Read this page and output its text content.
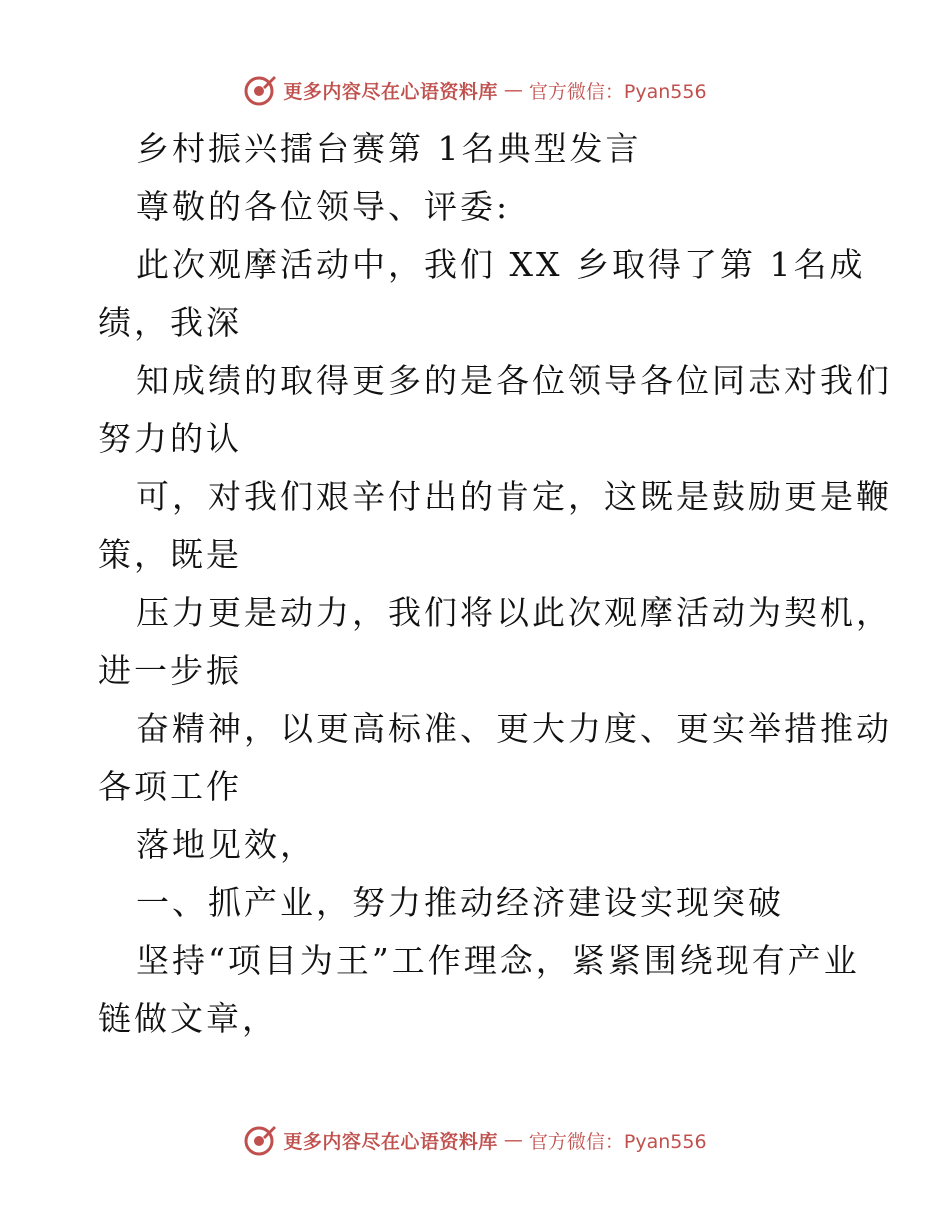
更多内容尽在心语资料库 — 官方微信：Pyan556
乡村振兴擂台赛第 1名典型发言
尊敬的各位领导、评委:
此次观摩活动中，我们 XX 乡取得了第 1名成
绩，我深
知成绩的取得更多的是各位领导各位同志对我们
努力的认
可，对我们艰辛付出的肯定，这既是鼓励更是鞭
策，既是
压力更是动力，我们将以此次观摩活动为契机，
进一步振
奋精神，以更高标准、更大力度、更实举措推动
各项工作
落地见效，
一、抓产业，努力推动经济建设实现突破
坚持“项目为王”工作理念，紧紧围绕现有产业
链做文章，
更多内容尽在心语资料库 — 官方微信：Pyan556
